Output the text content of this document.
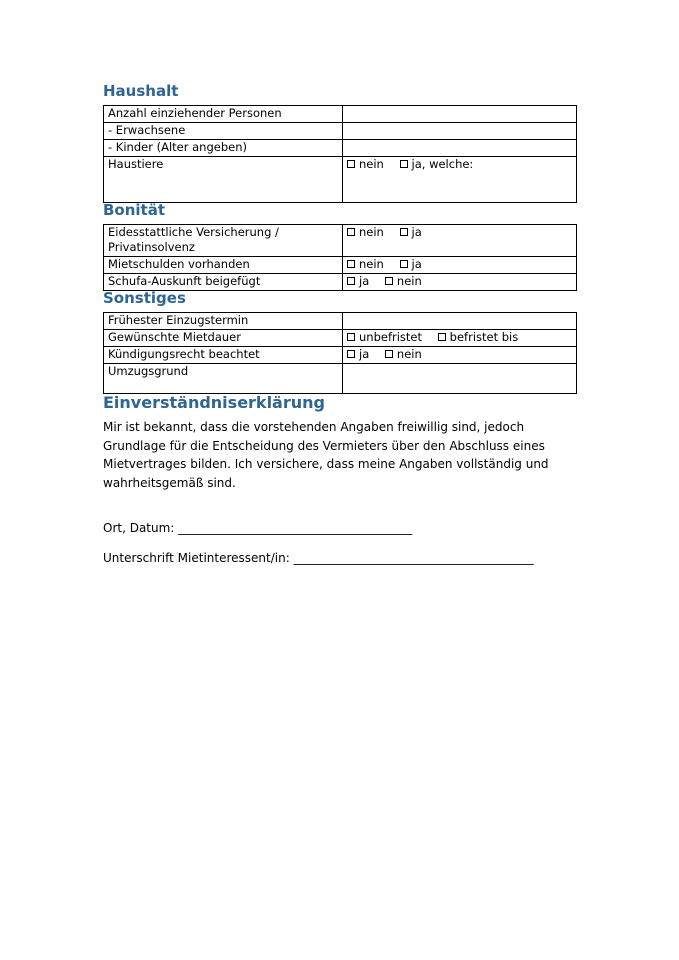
Haushalt
Anzahl einziehender Personen	
- Erwachsene	
- Kinder (Alter angeben)	
Haustiere	nein ja, welche:
Bonität
Eidesstattliche Versicherung / Privatinsolvenz	nein ja
Mietschulden vorhanden	nein ja
Schufa-Auskunft beigefügt	ja nein
Sonstiges
Frühester Einzugstermin	
Gewünschte Mietdauer	unbefristet befristet bis
Kündigungsrecht beachtet	ja nein
Umzugsgrund	
Einverständniserklärung

Mir ist bekannt, dass die vorstehenden Angaben freiwillig sind, jedoch Grundlage für die Entscheidung des Vermieters über den Abschluss eines Mietvertrages bilden. Ich versichere, dass meine Angaben vollständig und wahrheitsgemäß sind.

Ort, Datum: _______________________________________

Unterschrift Mietinteressent/in: ________________________________________
